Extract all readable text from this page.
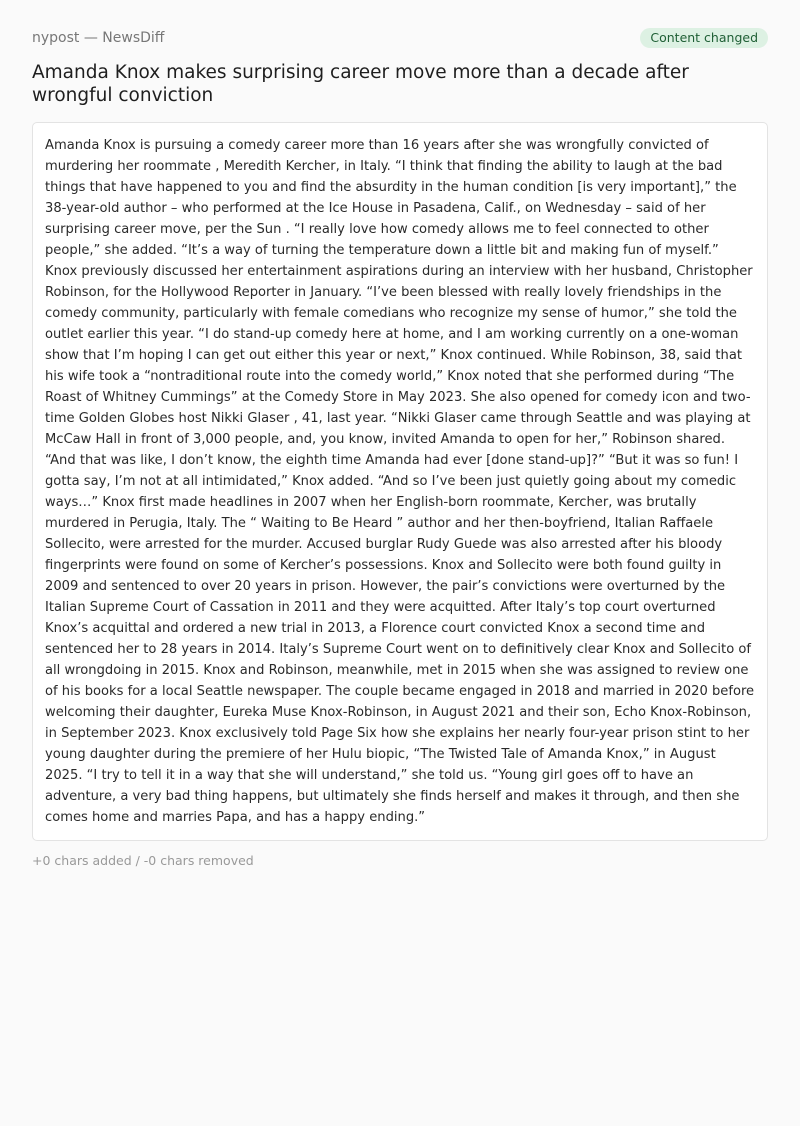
nypost — NewsDiff	Content changed
Amanda Knox makes surprising career move more than a decade after wrongful conviction

Amanda Knox is pursuing a comedy career more than 16 years after she was wrongfully convicted of murdering her roommate , Meredith Kercher, in Italy. “I think that finding the ability to laugh at the bad things that have happened to you and find the absurdity in the human condition [is very important],” the 38-year-old author – who performed at the Ice House in Pasadena, Calif., on Wednesday – said of her surprising career move, per the Sun . “I really love how comedy allows me to feel connected to other people,” she added. “It’s a way of turning the temperature down a little bit and making fun of myself.” Knox previously discussed her entertainment aspirations during an interview with her husband, Christopher Robinson, for the Hollywood Reporter in January. “I’ve been blessed with really lovely friendships in the comedy community, particularly with female comedians who recognize my sense of humor,” she told the outlet earlier this year. “I do stand-up comedy here at home, and I am working currently on a one-woman show that I’m hoping I can get out either this year or next,” Knox continued. While Robinson, 38, said that his wife took a “nontraditional route into the comedy world,” Knox noted that she performed during “The Roast of Whitney Cummings” at the Comedy Store in May 2023. She also opened for comedy icon and two-time Golden Globes host Nikki Glaser , 41, last year. “Nikki Glaser came through Seattle and was playing at McCaw Hall in front of 3,000 people, and, you know, invited Amanda to open for her,” Robinson shared. “And that was like, I don’t know, the eighth time Amanda had ever [done stand-up]?” “But it was so fun! I gotta say, I’m not at all intimidated,” Knox added. “And so I’ve been just quietly going about my comedic ways…” Knox first made headlines in 2007 when her English-born roommate, Kercher, was brutally murdered in Perugia, Italy. The “ Waiting to Be Heard ” author and her then-boyfriend, Italian Raffaele Sollecito, were arrested for the murder. Accused burglar Rudy Guede was also arrested after his bloody fingerprints were found on some of Kercher’s possessions. Knox and Sollecito were both found guilty in 2009 and sentenced to over 20 years in prison. However, the pair’s convictions were overturned by the Italian Supreme Court of Cassation in 2011 and they were acquitted. After Italy’s top court overturned Knox’s acquittal and ordered a new trial in 2013, a Florence court convicted Knox a second time and sentenced her to 28 years in 2014. Italy’s Supreme Court went on to definitively clear Knox and Sollecito of all wrongdoing in 2015. Knox and Robinson, meanwhile, met in 2015 when she was assigned to review one of his books for a local Seattle newspaper. The couple became engaged in 2018 and married in 2020 before welcoming their daughter, Eureka Muse Knox-Robinson, in August 2021 and their son, Echo Knox-Robinson, in September 2023. Knox exclusively told Page Six how she explains her nearly four-year prison stint to her young daughter during the premiere of her Hulu biopic, “The Twisted Tale of Amanda Knox,” in August 2025. “I try to tell it in a way that she will understand,” she told us. “Young girl goes off to have an adventure, a very bad thing happens, but ultimately she finds herself and makes it through, and then she comes home and marries Papa, and has a happy ending.”

+0 chars added / -0 chars removed
